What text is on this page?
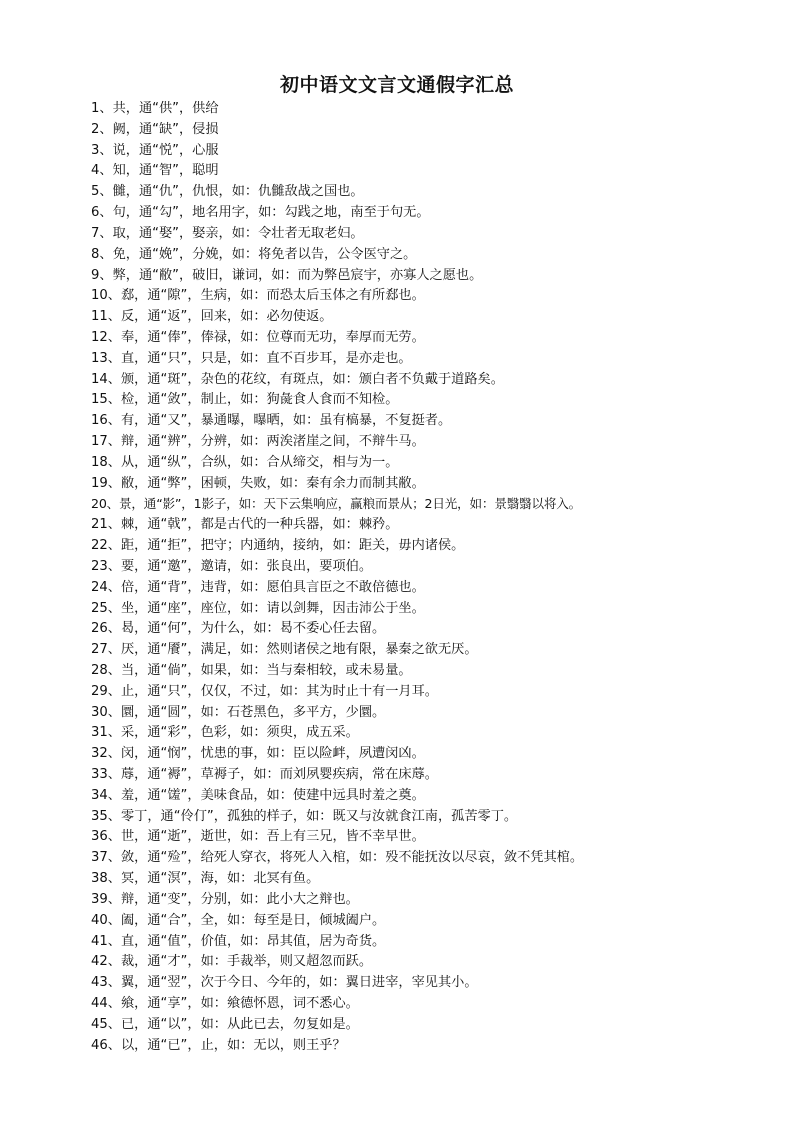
初中语文文言文通假字汇总
1、共，通“供”，供给
2、阙，通“缺”，侵损
3、说，通“悦”，心服
4、知，通“智”，聪明
5、雠，通“仇”，仇恨，如：仇雠敌战之国也。
6、句，通“勾”，地名用字，如：勾践之地，南至于句无。
7、取，通“娶”，娶亲，如：令壮者无取老妇。
8、免，通“娩”，分娩，如：将免者以告，公令医守之。
9、弊，通“敝”，破旧，谦词，如：而为弊邑宸宇，亦寡人之愿也。
10、郄，通“隙”，生病，如：而恐太后玉体之有所郄也。
11、反，通“返”，回来，如：必勿使返。
12、奉，通“俸”，俸禄，如：位尊而无功，奉厚而无劳。
13、直，通“只”，只是，如：直不百步耳，是亦走也。
14、颁，通“斑”，杂色的花纹，有斑点，如：颁白者不负戴于道路矣。
15、检，通“敛”，制止，如：狗彘食人食而不知检。
16、有，通“又”，暴通曝，曝晒，如：虽有槁暴，不复挺者。
17、辩，通“辨”，分辨，如：两涘渚崖之间，不辩牛马。
18、从，通“纵”，合纵，如：合从缔交，相与为一。
19、敝，通“弊”，困顿，失败，如：秦有余力而制其敝。
20、景，通“影”，1影子，如：天下云集响应，赢粮而景从；2日光，如：景翳翳以将入。
21、棘，通“戟”，都是古代的一种兵器，如：棘矜。
22、距，通“拒”，把守；内通纳，接纳，如：距关，毋内诸侯。
23、要，通“邀”，邀请，如：张良出，要项伯。
24、倍，通“背”，违背，如：愿伯具言臣之不敢倍德也。
25、坐，通“座”，座位，如：请以剑舞，因击沛公于坐。
26、曷，通“何”，为什么，如：曷不委心任去留。
27、厌，通“餍”，满足，如：然则诸侯之地有限，暴秦之欲无厌。
28、当，通“倘”，如果，如：当与秦相较，或未易量。
29、止，通“只”，仅仅，不过，如：其为时止十有一月耳。
30、圜，通“圆”，如：石苍黑色，多平方，少圜。
31、采，通“彩”，色彩，如：须臾，成五采。
32、闵，通“悯”，忧患的事，如：臣以险衅，夙遭闵凶。
33、蓐，通“褥”，草褥子，如：而刘夙婴疾病，常在床蓐。
34、羞，通“馐”，美味食品，如：使建中远具时羞之奠。
35、零丁，通“伶仃”，孤独的样子，如：既又与汝就食江南，孤苦零丁。
36、世，通“逝”，逝世，如：吾上有三兄，皆不幸早世。
37、敛，通“殓”，给死人穿衣，将死人入棺，如：殁不能抚汝以尽哀，敛不凭其棺。
38、冥，通“溟”，海，如：北冥有鱼。
39、辩，通“变”，分别，如：此小大之辩也。
40、阖，通“合”，全，如：每至是日，倾城阖户。
41、直，通“值”，价值，如：昂其值，居为奇货。
42、裁，通“才”，如：手裁举，则又超忽而跃。
43、翼，通“翌”，次于今日、今年的，如：翼日进宰，宰见其小。
44、飨，通“享”，如：飨德怀恩，词不悉心。
45、已，通“以”，如：从此已去，勿复如是。
46、以，通“已”，止，如：无以，则王乎？
